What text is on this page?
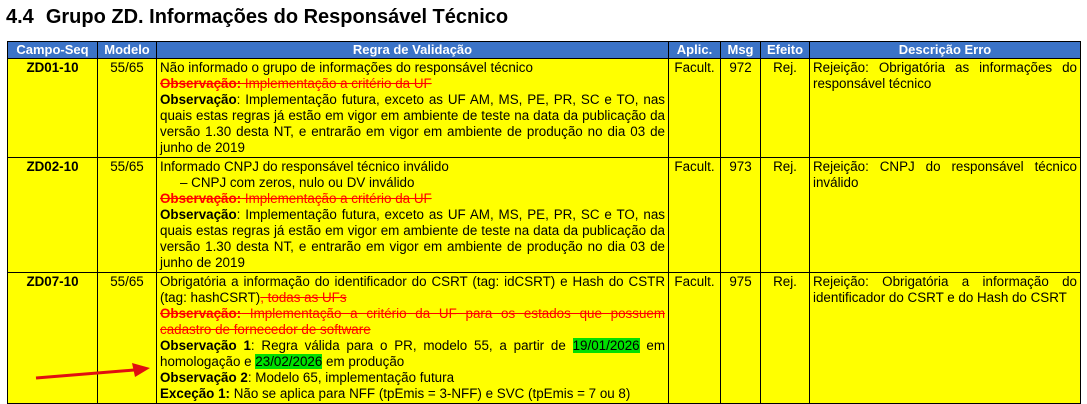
4.4 Grupo ZD. Informações do Responsável Técnico
Campo-Seq	Modelo	Regra de Validação	Aplic.	Msg	Efeito	Descrição Erro
ZD01-10	55/65	Não informado o grupo de informações do responsável técnico
Observação: Implementação a critério da UF
Observação: Implementação futura, exceto as UF AM, MS, PE, PR, SC e TO, nas quais estas regras já estão em vigor em ambiente de teste na data da publicação da versão 1.30 desta NT, e entrarão em vigor em ambiente de produção no dia 03 de junho de 2019	Facult.	972	Rej.	Rejeição: Obrigatória as informações do responsável técnico
ZD02-10	55/65	Informado CNPJ do responsável técnico inválido
– CNPJ com zeros, nulo ou DV inválido
Observação: Implementação a critério da UF
Observação: Implementação futura, exceto as UF AM, MS, PE, PR, SC e TO, nas quais estas regras já estão em vigor em ambiente de teste na data da publicação da versão 1.30 desta NT, e entrarão em vigor em ambiente de produção no dia 03 de junho de 2019	Facult.	973	Rej.	Rejeição: CNPJ do responsável técnico inválido
ZD07-10	55/65	Obrigatória a informação do identificador do CSRT (tag: idCSRT) e Hash do CSTR (tag: hashCSRT), todas as UFs
Observação: Implementação a critério da UF para os estados que possuem cadastro de fornecedor de software
Observação 1: Regra válida para o PR, modelo 55, a partir de 19/01/2026 em homologação e 23/02/2026 em produção
Observação 2: Modelo 65, implementação futura
Exceção 1: Não se aplica para NFF (tpEmis = 3-NFF) e SVC (tpEmis = 7 ou 8)	Facult.	975	Rej.	Rejeição: Obrigatória a informação do identificador do CSRT e do Hash do CSRT
